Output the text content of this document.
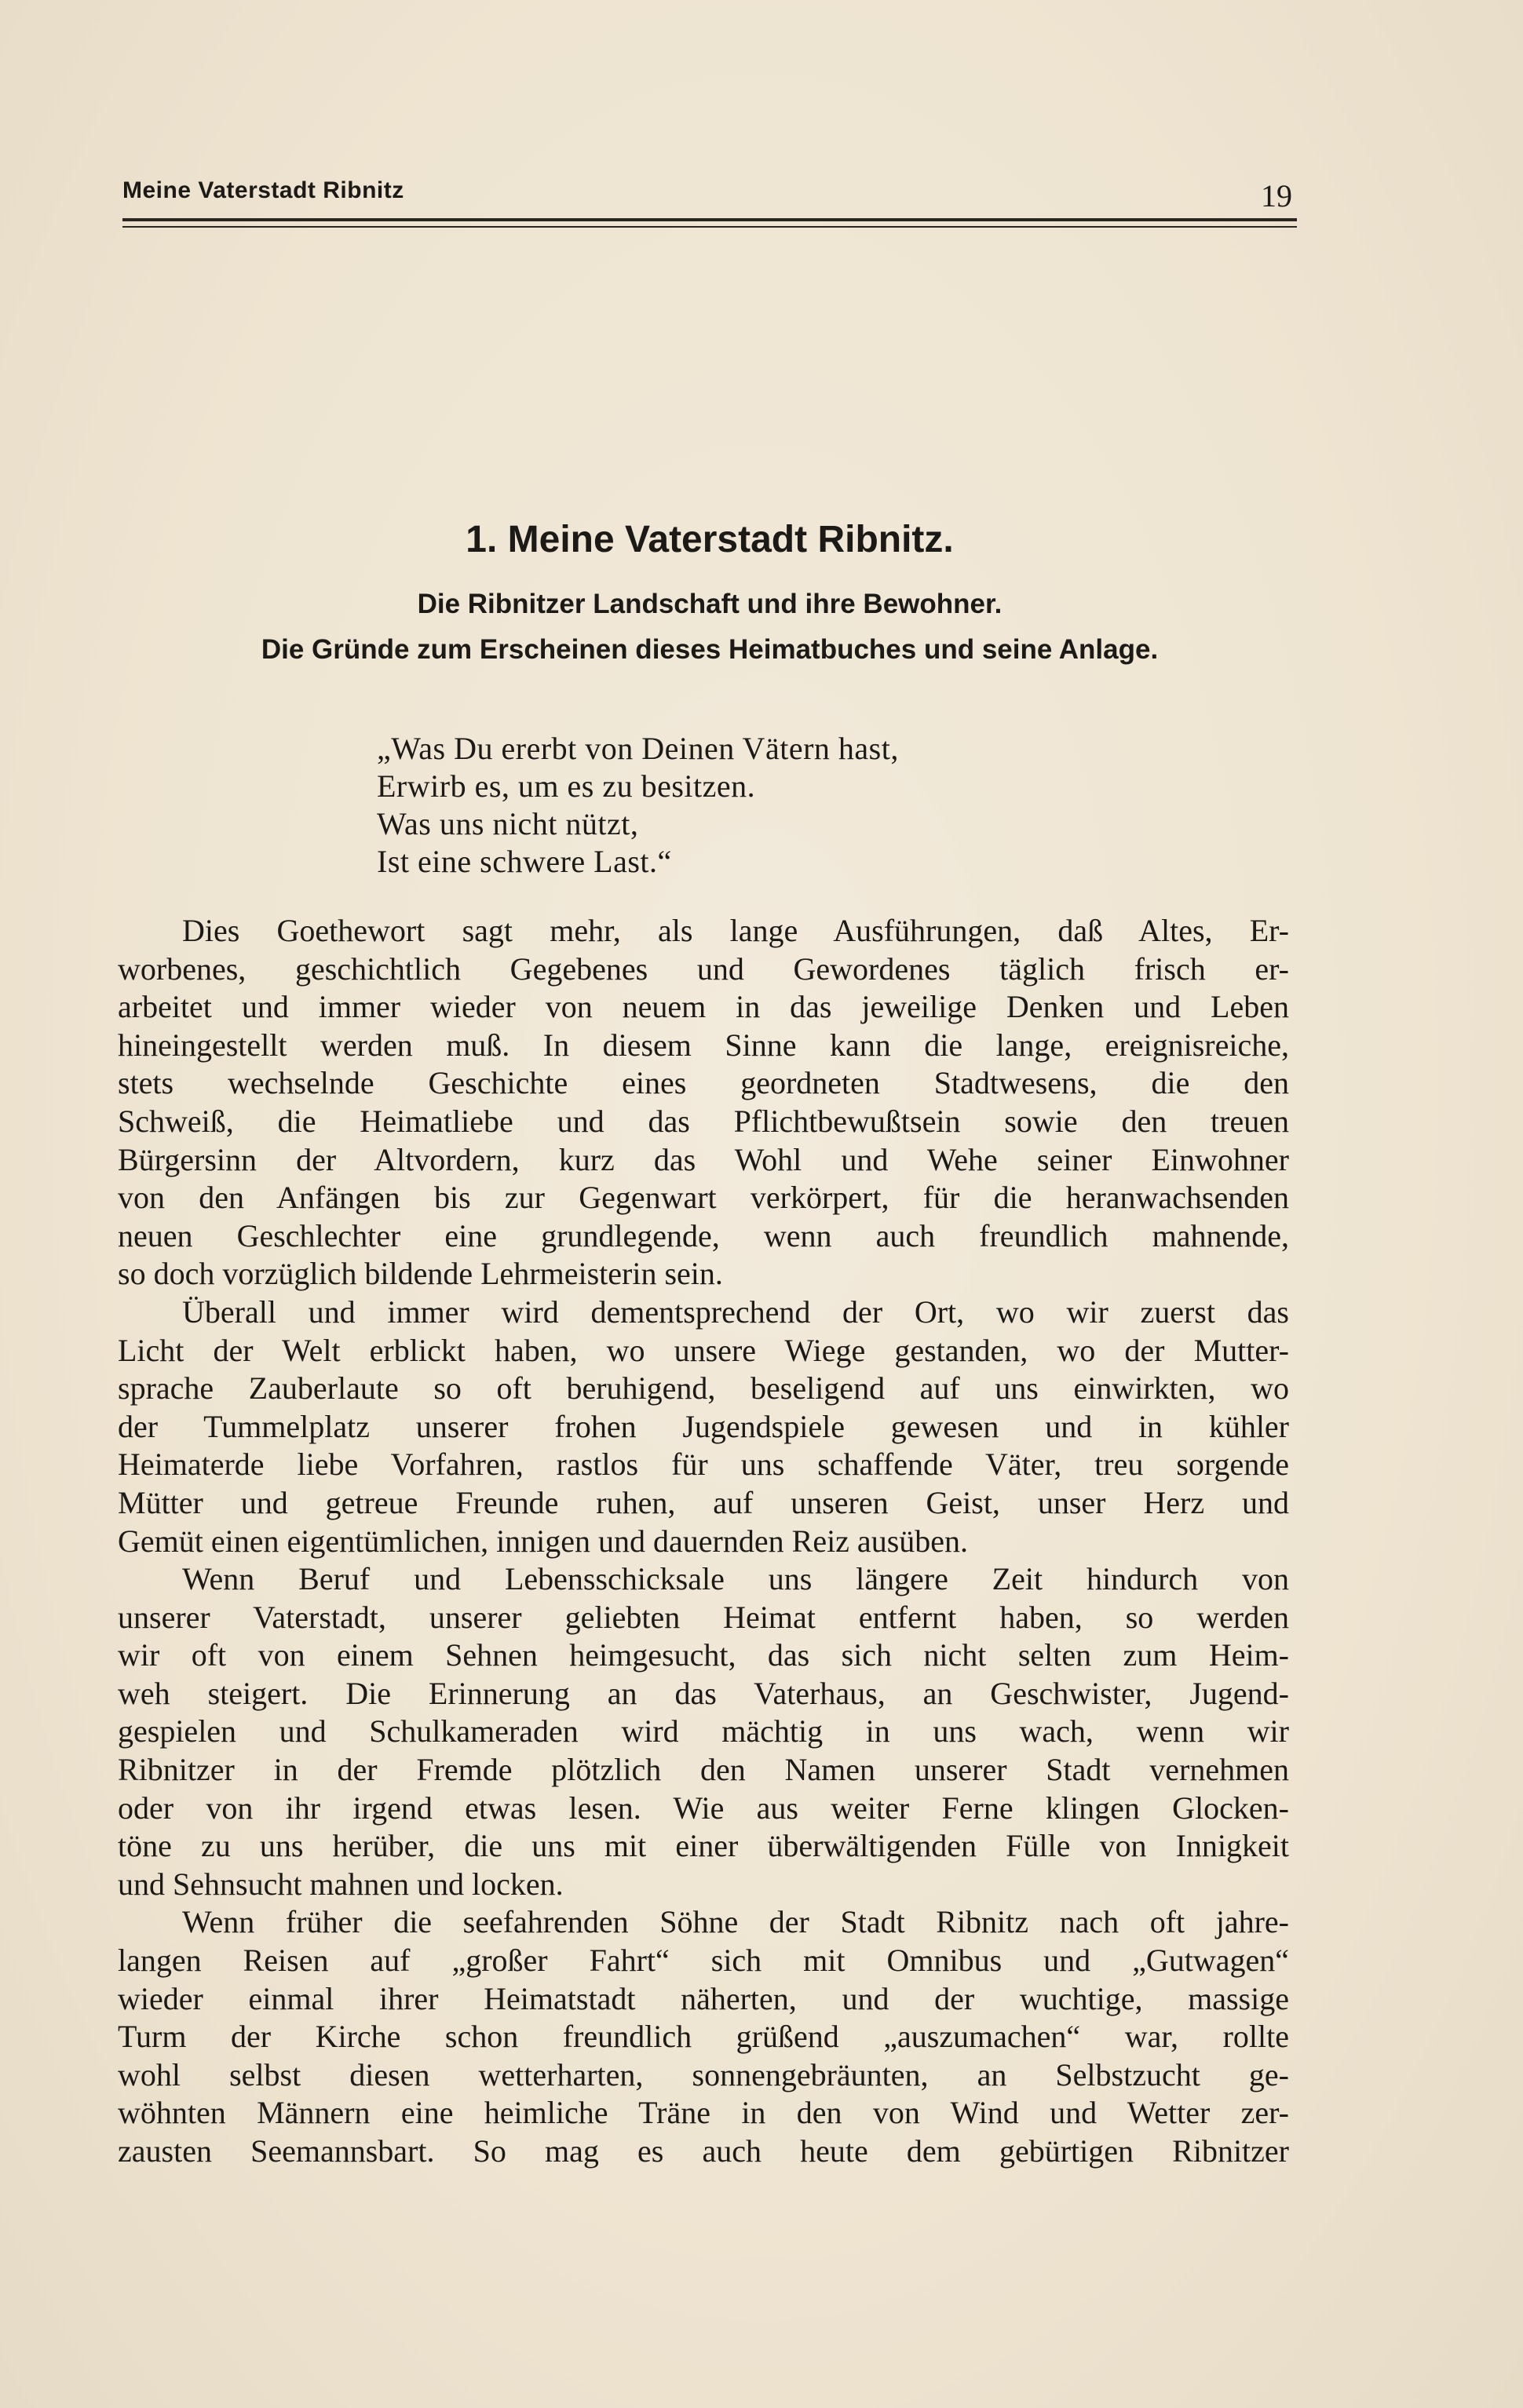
Meine Vaterstadt Ribnitz	19
1. Meine Vaterstadt Ribnitz.
Die Ribnitzer Landschaft und ihre Bewohner.
Die Gründe zum Erscheinen dieses Heimatbuches und seine Anlage.
„Was Du ererbt von Deinen Vätern hast,
Erwirb es, um es zu besitzen.
Was uns nicht nützt,
Ist eine schwere Last.“

Dies Goethewort sagt mehr, als lange Ausführungen, daß Altes, Er-
worbenes, geschichtlich Gegebenes und Gewordenes täglich frisch er-
arbeitet und immer wieder von neuem in das jeweilige Denken und Leben
hineingestellt werden muß. In diesem Sinne kann die lange, ereignisreiche,
stets wechselnde Geschichte eines geordneten Stadtwesens, die den
Schweiß, die Heimatliebe und das Pflichtbewußtsein sowie den treuen
Bürgersinn der Altvordern, kurz das Wohl und Wehe seiner Einwohner
von den Anfängen bis zur Gegenwart verkörpert, für die heranwachsenden
neuen Geschlechter eine grundlegende, wenn auch freundlich mahnende,
so doch vorzüglich bildende Lehrmeisterin sein.

Überall und immer wird dementsprechend der Ort, wo wir zuerst das
Licht der Welt erblickt haben, wo unsere Wiege gestanden, wo der Mutter-
sprache Zauberlaute so oft beruhigend, beseligend auf uns einwirkten, wo
der Tummelplatz unserer frohen Jugendspiele gewesen und in kühler
Heimaterde liebe Vorfahren, rastlos für uns schaffende Väter, treu sorgende
Mütter und getreue Freunde ruhen, auf unseren Geist, unser Herz und
Gemüt einen eigentümlichen, innigen und dauernden Reiz ausüben.

Wenn Beruf und Lebensschicksale uns längere Zeit hindurch von
unserer Vaterstadt, unserer geliebten Heimat entfernt haben, so werden
wir oft von einem Sehnen heimgesucht, das sich nicht selten zum Heim-
weh steigert. Die Erinnerung an das Vaterhaus, an Geschwister, Jugend-
gespielen und Schulkameraden wird mächtig in uns wach, wenn wir
Ribnitzer in der Fremde plötzlich den Namen unserer Stadt vernehmen
oder von ihr irgend etwas lesen. Wie aus weiter Ferne klingen Glocken-
töne zu uns herüber, die uns mit einer überwältigenden Fülle von Innigkeit
und Sehnsucht mahnen und locken.

Wenn früher die seefahrenden Söhne der Stadt Ribnitz nach oft jahre-
langen Reisen auf „großer Fahrt“ sich mit Omnibus und „Gutwagen“
wieder einmal ihrer Heimatstadt näherten, und der wuchtige, massige
Turm der Kirche schon freundlich grüßend „auszumachen“ war, rollte
wohl selbst diesen wetterharten, sonnengebräunten, an Selbstzucht ge-
wöhnten Männern eine heimliche Träne in den von Wind und Wetter zer-
zausten Seemannsbart. So mag es auch heute dem gebürtigen Ribnitzer
